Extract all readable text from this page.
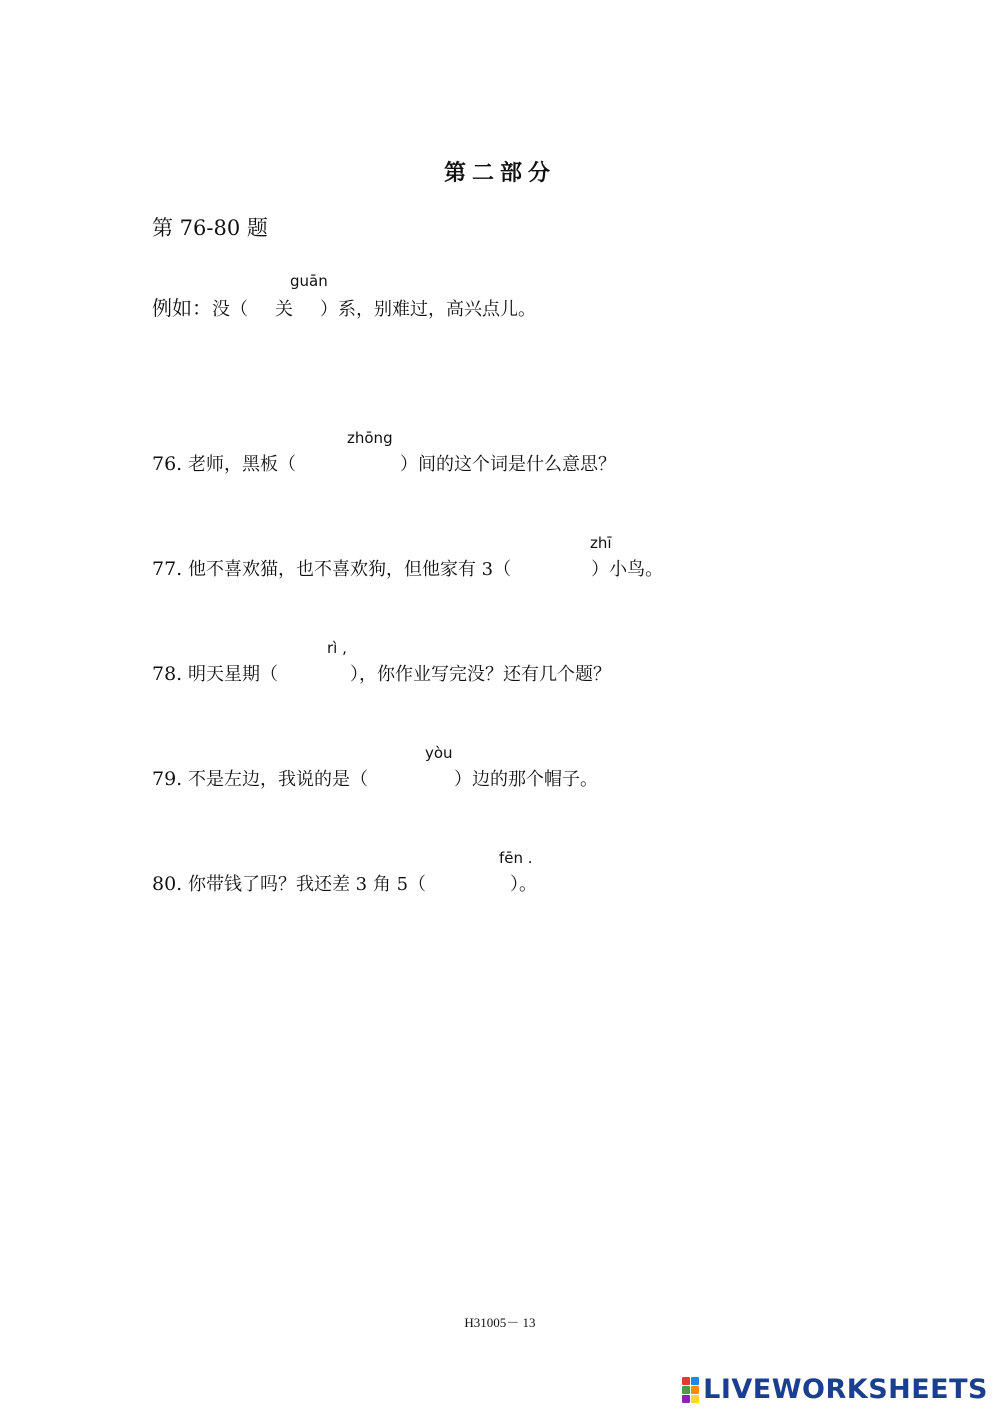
第二部分
第 76-80 题
guān
例如：没（ 关 ）系，别难过，高兴点儿。
zhōng
76. 老师，黑板（	）间的这个词是什么意思？
zhī
77. 他不喜欢猫，也不喜欢狗，但他家有 3（	）小鸟。
rì ,
78. 明天星期（	），你作业写完没？还有几个题？
yòu
79. 不是左边，我说的是（	）边的那个帽子。
fēn .
80. 你带钱了吗？我还差 3 角 5（	）。
H31005－ 13
LIVEWORKSHEETS
